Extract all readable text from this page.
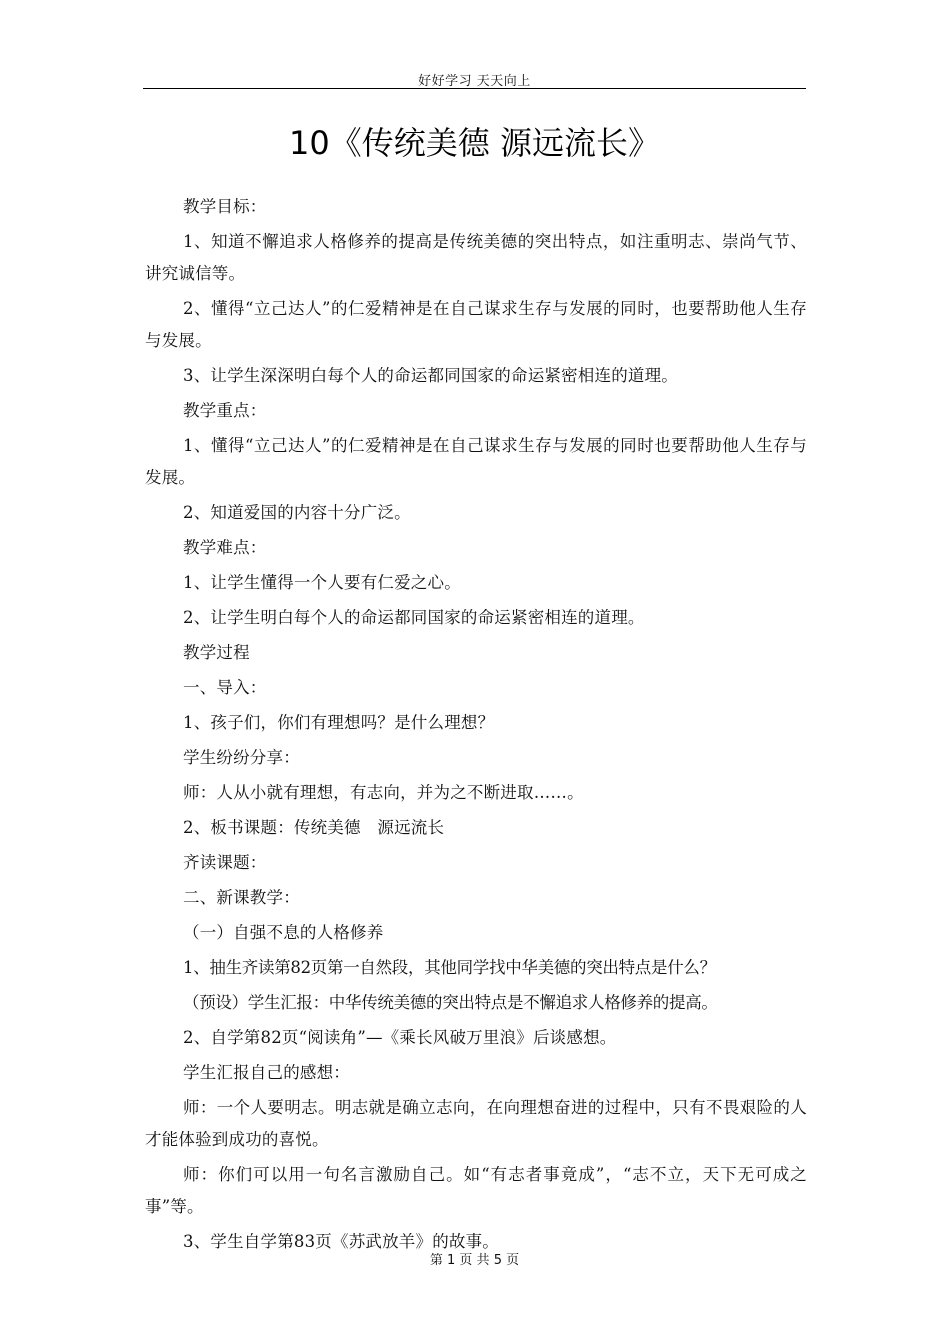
好好学习 天天向上
10《传统美德 源远流长》

教学目标：

1、知道不懈追求人格修养的提高是传统美德的突出特点，如注重明志、崇尚气节、讲究诚信等。

2、懂得“立己达人”的仁爱精神是在自己谋求生存与发展的同时，也要帮助他人生存与发展。

3、让学生深深明白每个人的命运都同国家的命运紧密相连的道理。

教学重点：

1、懂得“立己达人”的仁爱精神是在自己谋求生存与发展的同时也要帮助他人生存与发展。

2、知道爱国的内容十分广泛。

教学难点：

1、让学生懂得一个人要有仁爱之心。

2、让学生明白每个人的命运都同国家的命运紧密相连的道理。

教学过程

一、导入：

1、孩子们，你们有理想吗？是什么理想？

学生纷纷分享：

师：人从小就有理想，有志向，并为之不断进取……。

2、板书课题：传统美德　源远流长

齐读课题：

二、新课教学：

（一）自强不息的人格修养

1、抽生齐读第82页第一自然段，其他同学找中华美德的突出特点是什么？

（预设）学生汇报：中华传统美德的突出特点是不懈追求人格修养的提高。

2、自学第82页“阅读角”—《乘长风破万里浪》后谈感想。

学生汇报自己的感想：

师：一个人要明志。明志就是确立志向，在向理想奋进的过程中，只有不畏艰险的人才能体验到成功的喜悦。

师：你们可以用一句名言激励自己。如“有志者事竟成”，“志不立，天下无可成之事”等。

3、学生自学第83页《苏武放羊》的故事。

第 1 页 共 5 页
